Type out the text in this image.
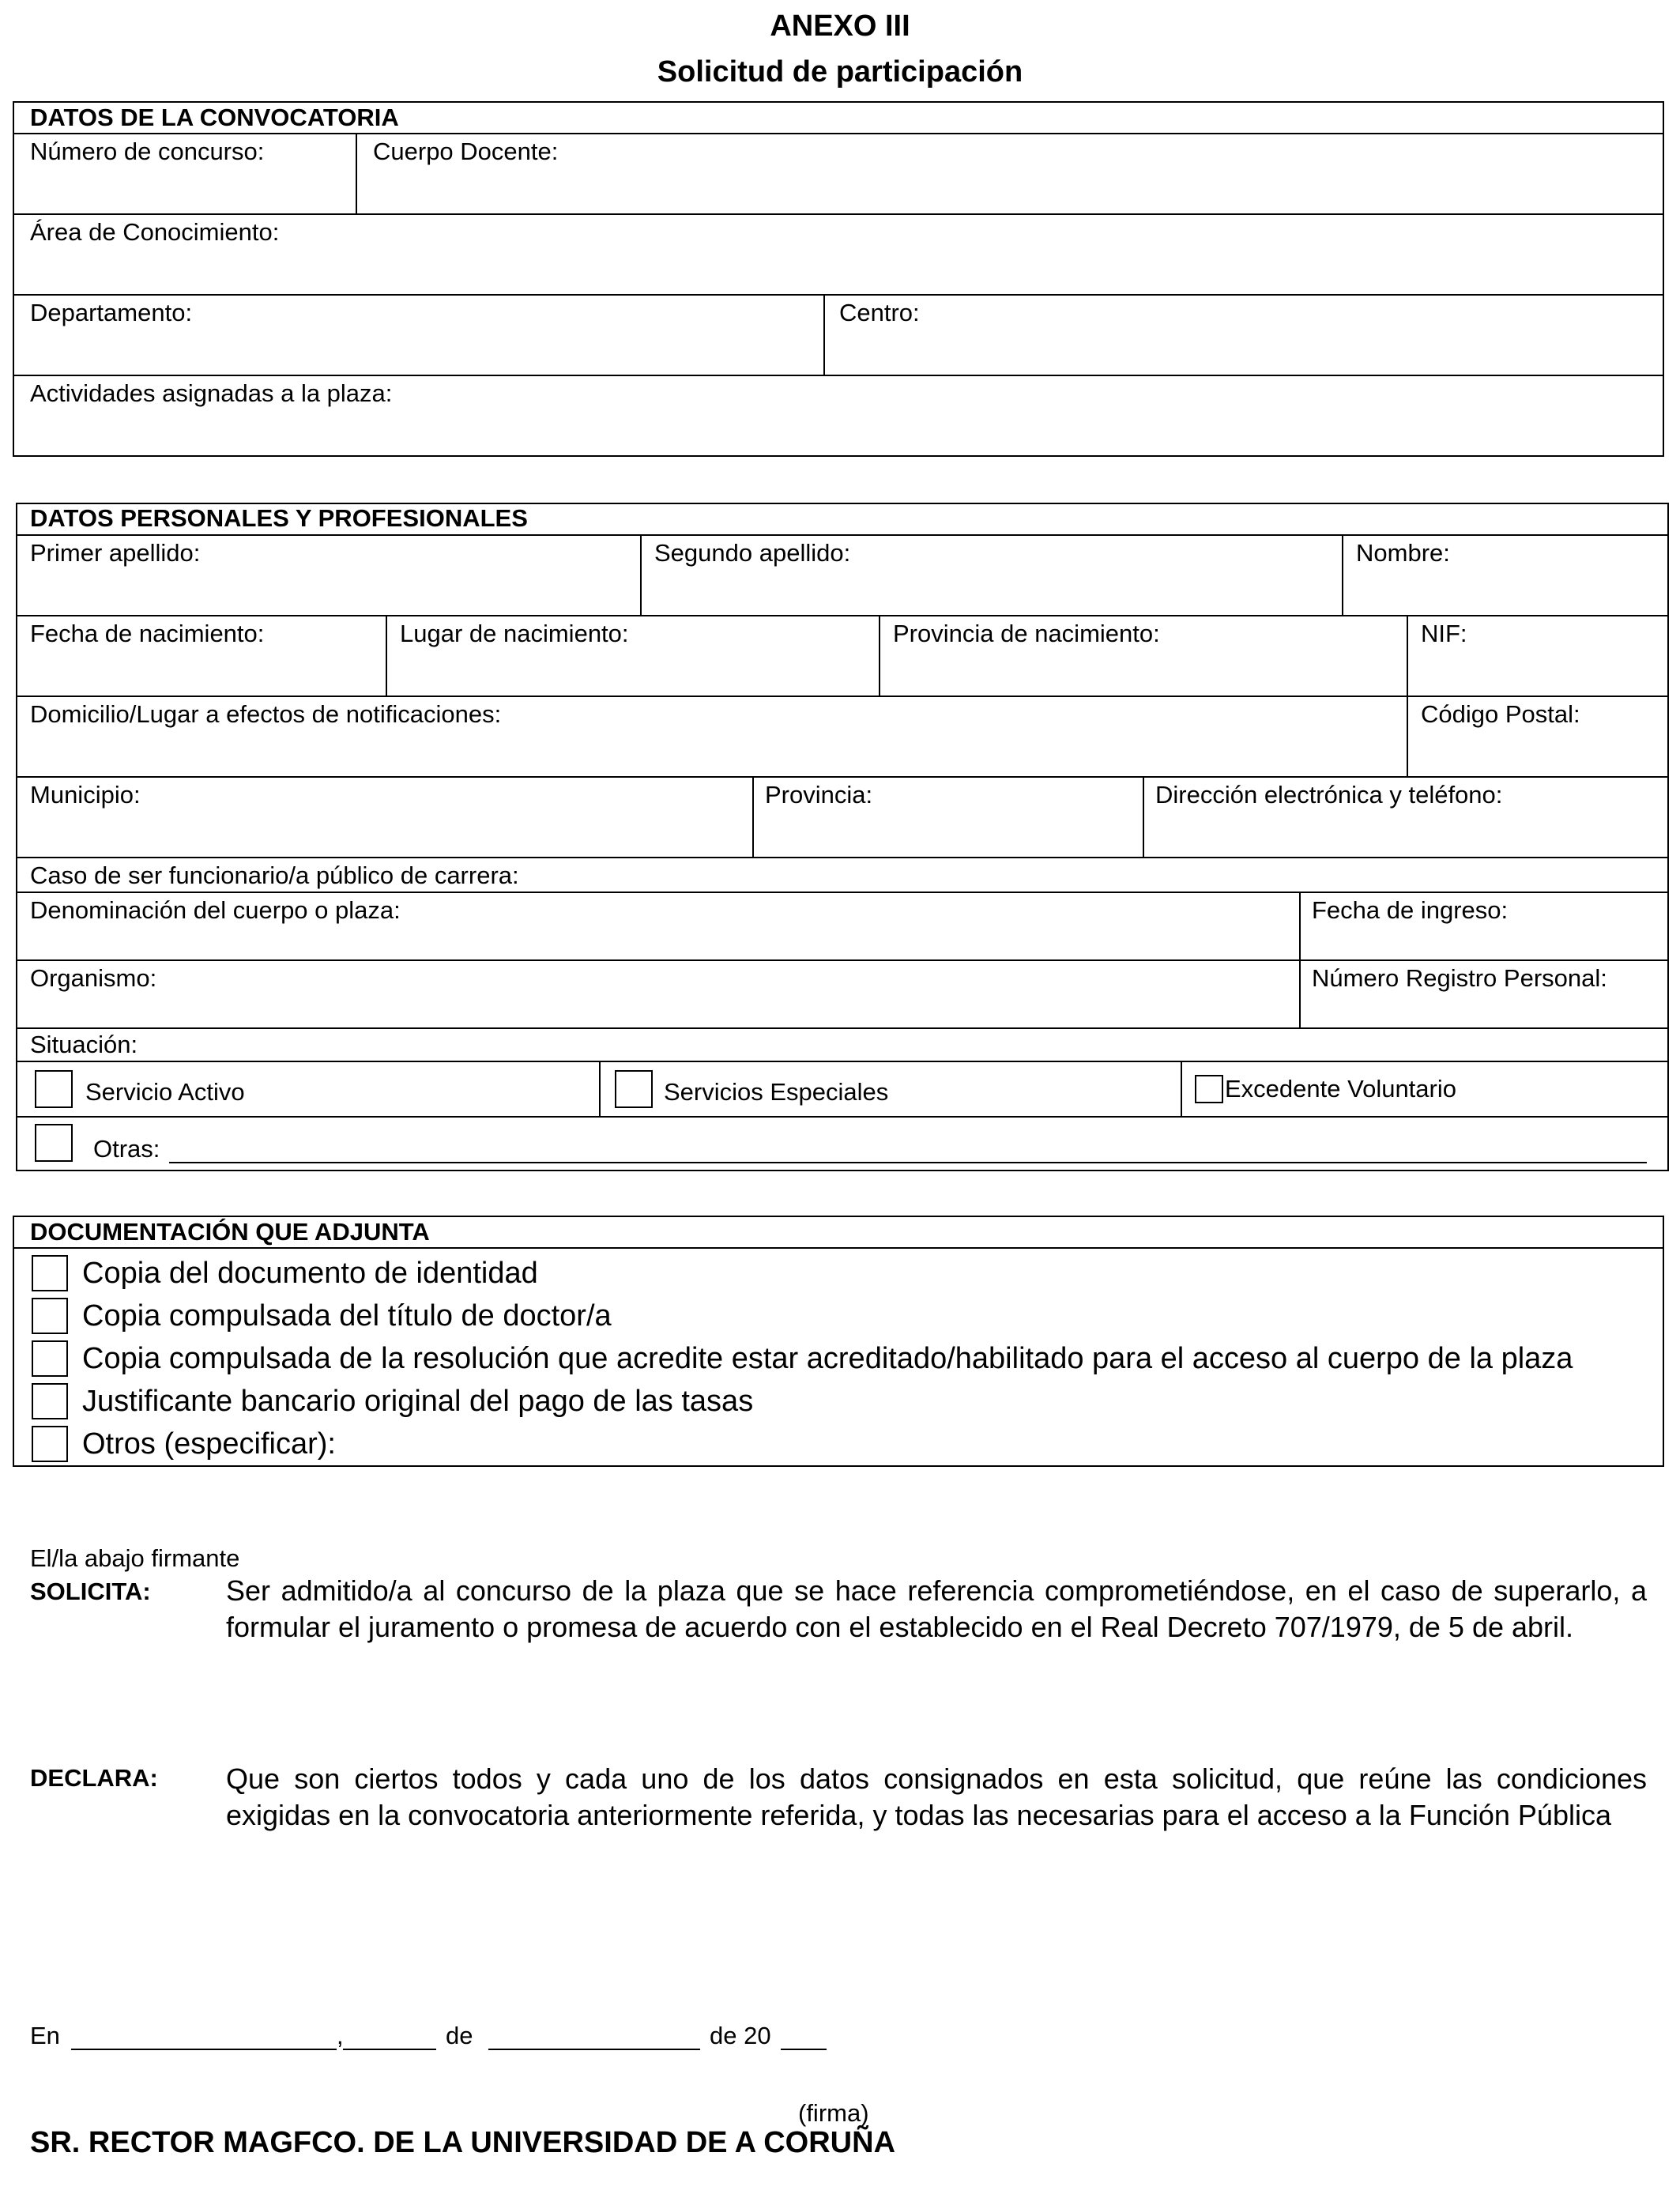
ANEXO III
Solicitud de participación
DATOS DE LA CONVOCATORIA
Número de concurso:	Cuerpo Docente:
Área de Conocimiento:
Departamento:	Centro:
Actividades asignadas a la plaza:
DATOS PERSONALES Y PROFESIONALES
Primer apellido:	Segundo apellido:	Nombre:
Fecha de nacimiento:	Lugar de nacimiento:	Provincia de nacimiento:	NIF:
Domicilio/Lugar a efectos de notificaciones:	Código Postal:
Municipio:	Provincia:	Dirección electrónica y teléfono:
Caso de ser funcionario/a público de carrera:
Denominación del cuerpo o plaza:	Fecha de ingreso:
Organismo:	Número Registro Personal:
Situación:
Servicio Activo	Servicios Especiales	Excedente Voluntario
Otras:
DOCUMENTACIÓN QUE ADJUNTA
Copia del documento de identidad
Copia compulsada del título de doctor/a
Copia compulsada de la resolución que acredite estar acreditado/habilitado para el acceso al cuerpo de la plaza
Justificante bancario original del pago de las tasas
Otros (especificar):
El/la abajo firmante
SOLICITA:	Ser admitido/a al concurso de la plaza que se hace referencia comprometiéndose, en el caso de superarlo, a formular el juramento o promesa de acuerdo con el establecido en el Real Decreto 707/1979, de 5 de abril.
DECLARA: Que son ciertos todos y cada uno de los datos consignados en esta solicitud, que reúne las condiciones exigidas en la convocatoria anteriormente referida, y todas las necesarias para el acceso a la Función Pública
En	,	de	de 20
(firma)
SR. RECTOR MAGFCO. DE LA UNIVERSIDAD DE A CORUÑA
